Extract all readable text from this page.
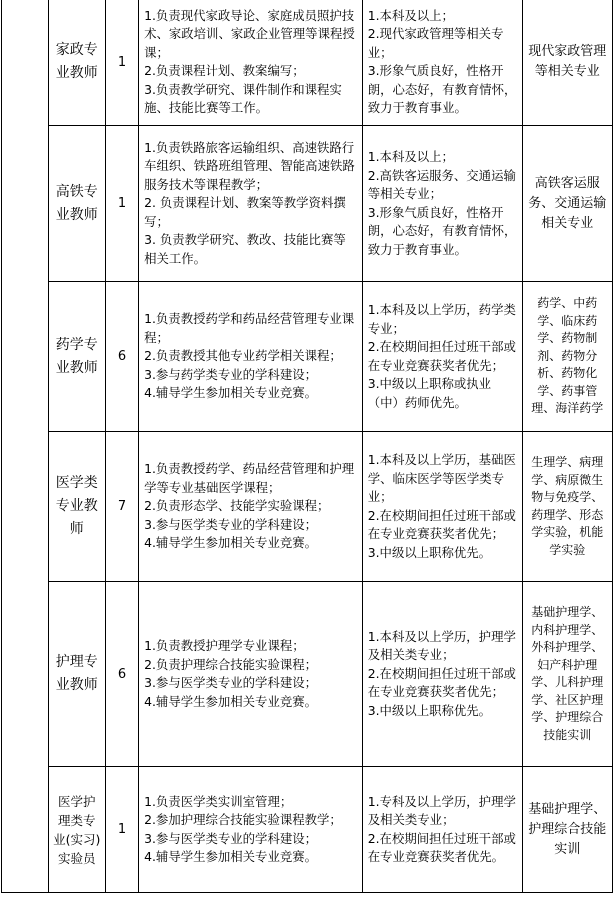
	家政专业教师	1	1.负责现代家政导论、家庭成员照护技术、家政培训、家政企业管理等课程授课；
2.负责课程计划、教案编写；
3.负责教学研究、课件制作和课程实施、技能比赛等工作。	1.本科及以上；
2.现代家政管理等相关专业；
3.形象气质良好，性格开朗，心态好，有教育情怀，致力于教育事业。	现代家政管理等相关专业
	高铁专业教师	1	1.负责铁路旅客运输组织、高速铁路行车组织、铁路班组管理、智能高速铁路服务技术等课程教学；
2. 负责课程计划、教案等教学资料撰写；
3. 负责教学研究、教改、技能比赛等相关工作。	1.本科及以上；
2.高铁客运服务、交通运输等相关专业；
3.形象气质良好，性格开朗，心态好，有教育情怀，致力于教育事业。	高铁客运服务、交通运输相关专业
	药学专业教师	6	1.负责教授药学和药品经营管理专业课程；
2.负责教授其他专业药学相关课程；
3.参与药学类专业的学科建设；
4.辅导学生参加相关专业竞赛。	1.本科及以上学历，药学类专业；
2.在校期间担任过班干部或在专业竞赛获奖者优先；
3.中级以上职称或执业（中）药师优先。	药学、中药学、临床药学、药物制剂、药物分析、药物化学、药事管理、海洋药学
	医学类专业教师	7	1.负责教授药学、药品经营管理和护理学等专业基础医学课程；
2.负责形态学、技能学实验课程；
3.参与医学类专业的学科建设；
4.辅导学生参加相关专业竞赛。	1.本科及以上学历，基础医学、临床医学等医学类专业；
2.在校期间担任过班干部或在专业竞赛获奖者优先；
3.中级以上职称优先。	生理学、病理学、病原微生物与免疫学、药理学、形态学实验，机能学实验
	护理专业教师	6	1.负责教授护理学专业课程；
2.负责护理综合技能实验课程；
3.参与医学类专业的学科建设；
4.辅导学生参加相关专业竞赛。	1.本科及以上学历，护理学及相关类专业；
2.在校期间担任过班干部或在专业竞赛获奖者优先；
3.中级以上职称优先。	基础护理学、内科护理学、外科护理学、妇产科护理学、儿科护理学、社区护理学、护理综合技能实训
	医学护理类专业(实习)实验员	1	1.负责医学类实训室管理；
2.参加护理综合技能实验课程教学；
3.参与医学类专业的学科建设；
4.辅导学生参加相关专业竞赛。	1.专科及以上学历，护理学及相关类专业；
2.在校期间担任过班干部或在专业竞赛获奖者优先。	基础护理学、护理综合技能实训
